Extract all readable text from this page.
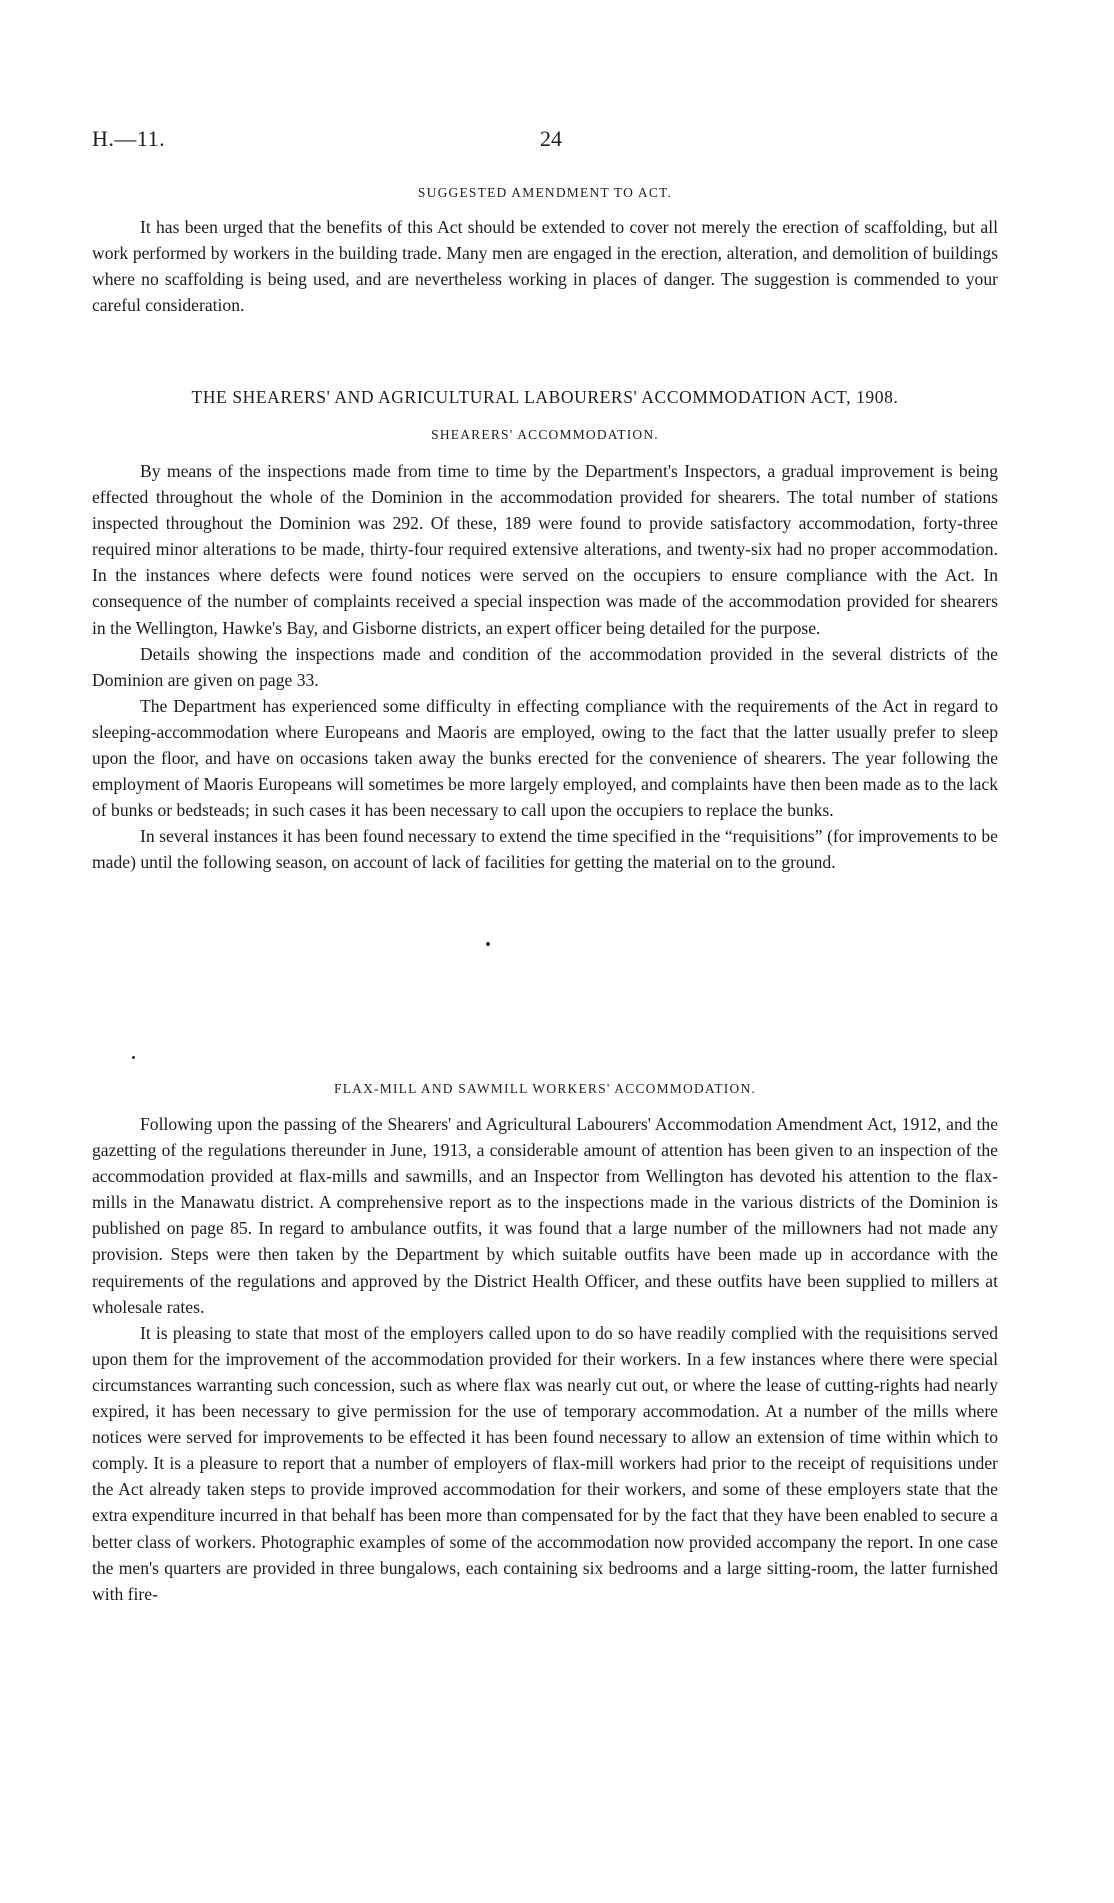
H.—11.	24
SUGGESTED AMENDMENT TO ACT.

It has been urged that the benefits of this Act should be extended to cover not merely the erection of scaffolding, but all work performed by workers in the building trade. Many men are engaged in the erection, alteration, and demolition of buildings where no scaffolding is being used, and are nevertheless working in places of danger. The suggestion is commended to your careful consideration.

THE SHEARERS' AND AGRICULTURAL LABOURERS' ACCOMMODATION ACT, 1908.
SHEARERS' ACCOMMODATION.

By means of the inspections made from time to time by the Department's Inspectors, a gradual improvement is being effected throughout the whole of the Dominion in the accommodation provided for shearers. The total number of stations inspected throughout the Dominion was 292. Of these, 189 were found to provide satisfactory accommodation, forty-three required minor alterations to be made, thirty-four required extensive alterations, and twenty-six had no proper accommodation. In the instances where defects were found notices were served on the occupiers to ensure compliance with the Act. In consequence of the number of complaints received a special inspection was made of the accommodation provided for shearers in the Wellington, Hawke's Bay, and Gisborne districts, an expert officer being detailed for the purpose.

Details showing the inspections made and condition of the accommodation provided in the several districts of the Dominion are given on page 33.

The Department has experienced some difficulty in effecting compliance with the requirements of the Act in regard to sleeping-accommodation where Europeans and Maoris are employed, owing to the fact that the latter usually prefer to sleep upon the floor, and have on occasions taken away the bunks erected for the convenience of shearers. The year following the employment of Maoris Europeans will sometimes be more largely employed, and complaints have then been made as to the lack of bunks or bedsteads; in such cases it has been necessary to call upon the occupiers to replace the bunks.

In several instances it has been found necessary to extend the time specified in the “requisitions” (for improvements to be made) until the following season, on account of lack of facilities for getting the material on to the ground.

FLAX-MILL AND SAWMILL WORKERS' ACCOMMODATION.

Following upon the passing of the Shearers' and Agricultural Labourers' Accommodation Amendment Act, 1912, and the gazetting of the regulations thereunder in June, 1913, a considerable amount of attention has been given to an inspection of the accommodation provided at flax-mills and sawmills, and an Inspector from Wellington has devoted his attention to the flax-mills in the Manawatu district. A comprehensive report as to the inspections made in the various districts of the Dominion is published on page 85. In regard to ambulance outfits, it was found that a large number of the millowners had not made any provision. Steps were then taken by the Department by which suitable outfits have been made up in accordance with the requirements of the regulations and approved by the District Health Officer, and these outfits have been supplied to millers at wholesale rates.

It is pleasing to state that most of the employers called upon to do so have readily complied with the requisitions served upon them for the improvement of the accommodation provided for their workers. In a few instances where there were special circumstances warranting such concession, such as where flax was nearly cut out, or where the lease of cutting-rights had nearly expired, it has been necessary to give permission for the use of temporary accommodation. At a number of the mills where notices were served for improvements to be effected it has been found necessary to allow an extension of time within which to comply. It is a pleasure to report that a number of employers of flax-mill workers had prior to the receipt of requisitions under the Act already taken steps to provide improved accommodation for their workers, and some of these employers state that the extra expenditure incurred in that behalf has been more than compensated for by the fact that they have been enabled to secure a better class of workers. Photographic examples of some of the accommodation now provided accompany the report. In one case the men's quarters are provided in three bungalows, each containing six bedrooms and a large sitting-room, the latter furnished with fire-
